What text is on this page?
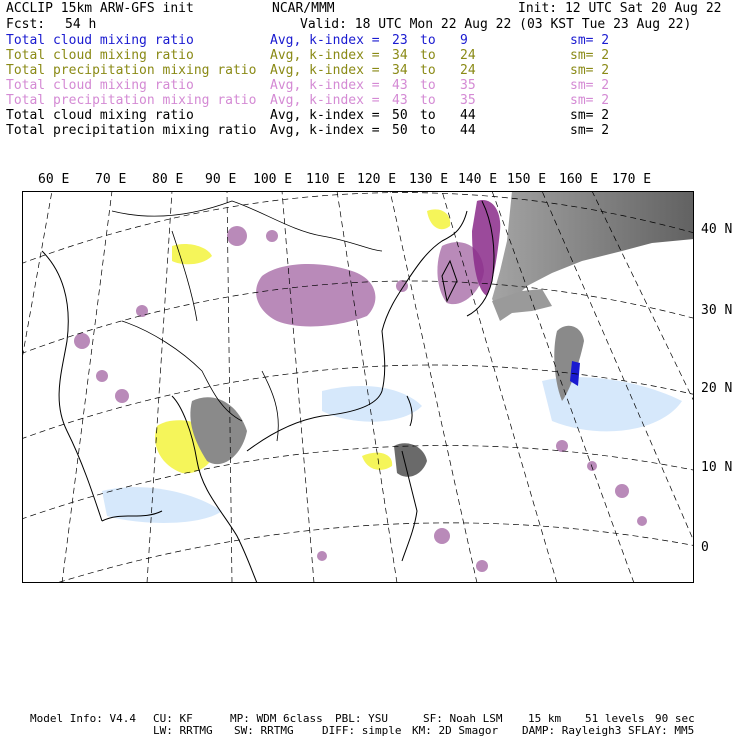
ACCLIP 15km ARW-GFS init	NCAR/MMM	Init: 12 UTC Sat 20 Aug 22
Fcst: 54 h	Valid: 18 UTC Mon 22 Aug 22 (03 KST Tue 23 Aug 22)
Total cloud mixing ratio	Avg, k-index = 23 to 9	sm= 2
Total cloud mixing ratio	Avg, k-index = 34 to 24	sm= 2
Total precipitation mixing ratio Avg, k-index = 34 to 24	sm= 2
Total cloud mixing ratio	Avg, k-index = 43 to 35	sm= 2
Total precipitation mixing ratio Avg, k-index = 43 to 35	sm= 2
Total cloud mixing ratio	Avg, k-index = 50 to 44	sm= 2
Total precipitation mixing ratio Avg, k-index = 50 to 44	sm= 2
60 E 70 E 80 E 90 E 100 E 110 E 120 E 130 E 140 E 150 E 160 E 170 E
40 N
30 N
20 N
10 N
0
Model Info: V4.4 CU: KF	MP: WDM 6class PBL: YSU	SF: Noah LSM 15 km 51 levels 90 sec
LW: RRTMG SW: RRTMG	DIFF: simple KM: 2D Smagor DAMP: Rayleigh3 SFLAY: MM5
